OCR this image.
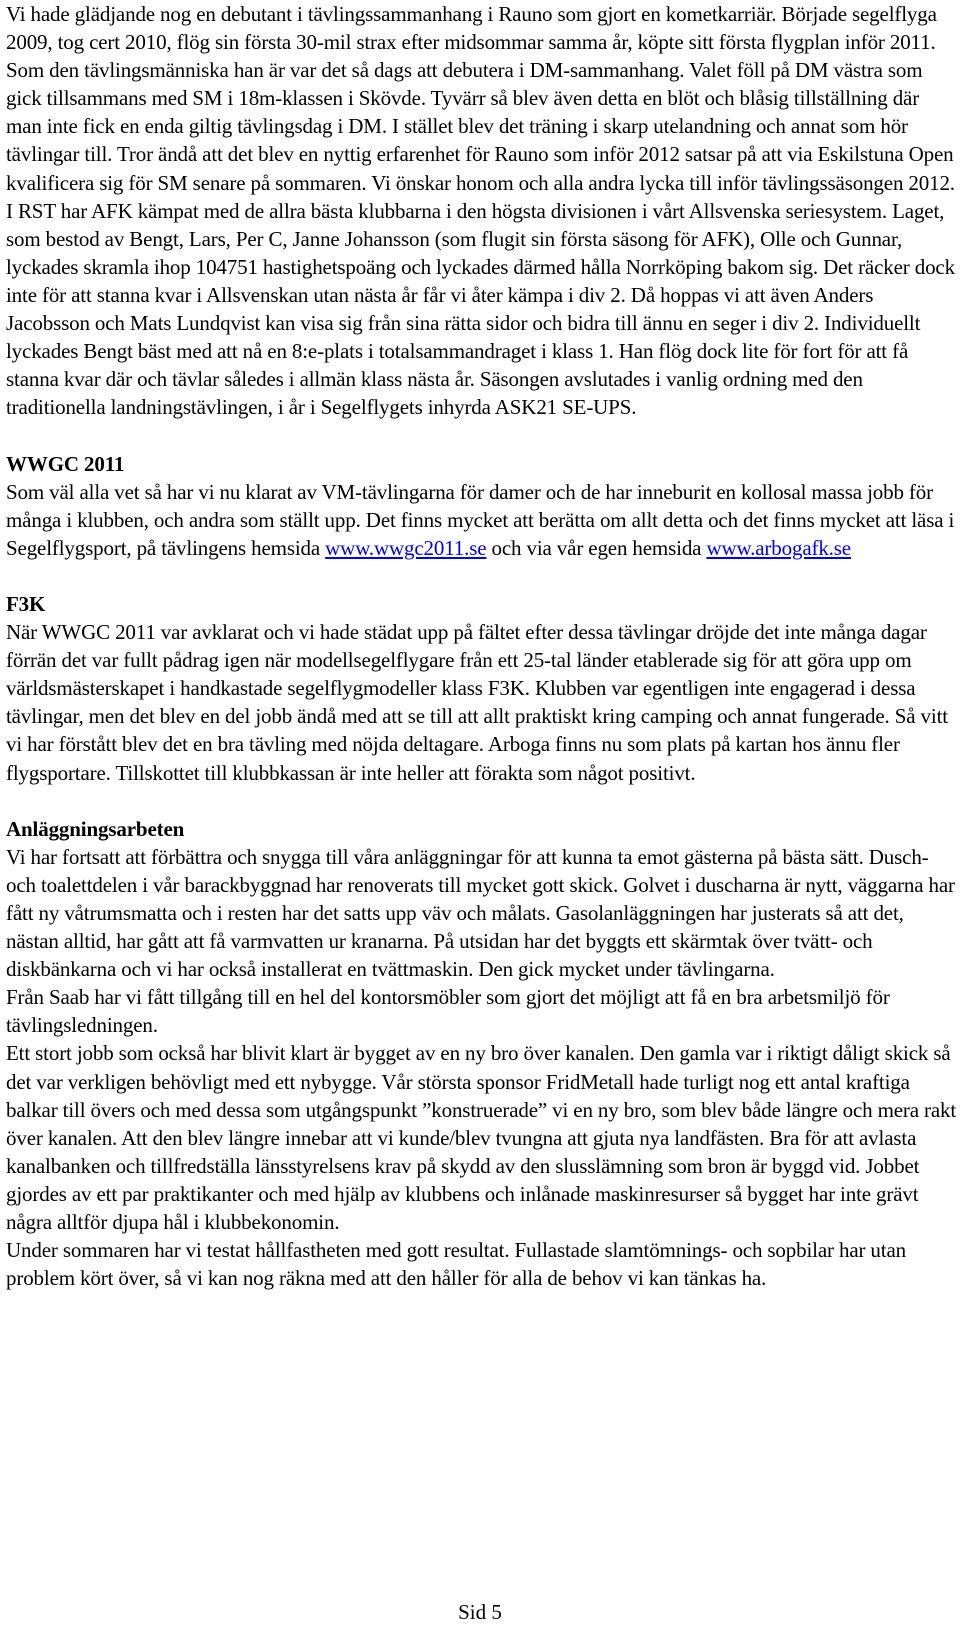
Vi hade glädjande nog en debutant i tävlingssammanhang i Rauno som gjort en kometkarriär. Började segelflyga 2009, tog cert 2010, flög sin första 30-mil strax efter midsommar samma år, köpte sitt första flygplan inför 2011. Som den tävlingsmänniska han är var det så dags att debutera i DM-sammanhang. Valet föll på DM västra som gick tillsammans med SM i 18m-klassen i Skövde. Tyvärr så blev även detta en blöt och blåsig tillställning där man inte fick en enda giltig tävlingsdag i DM. I stället blev det träning i skarp utelandning och annat som hör tävlingar till. Tror ändå att det blev en nyttig erfarenhet för Rauno som inför 2012 satsar på att via Eskilstuna Open kvalificera sig för SM senare på sommaren. Vi önskar honom och alla andra lycka till inför tävlingssäsongen 2012.

I RST har AFK kämpat med de allra bästa klubbarna i den högsta divisionen i vårt Allsvenska seriesystem. Laget, som bestod av Bengt, Lars, Per C, Janne Johansson (som flugit sin första säsong för AFK), Olle och Gunnar, lyckades skramla ihop 104751 hastighetspoäng och lyckades därmed hålla Norrköping bakom sig. Det räcker dock inte för att stanna kvar i Allsvenskan utan nästa år får vi åter kämpa i div 2. Då hoppas vi att även Anders Jacobsson och Mats Lundqvist kan visa sig från sina rätta sidor och bidra till ännu en seger i div 2. Individuellt lyckades Bengt bäst med att nå en 8:e-plats i totalsammandraget i klass 1. Han flög dock lite för fort för att få stanna kvar där och tävlar således i allmän klass nästa år. Säsongen avslutades i vanlig ordning med den traditionella landningstävlingen, i år i Segelflygets inhyrda ASK21 SE-UPS.

WWGC 2011

Som väl alla vet så har vi nu klarat av VM-tävlingarna för damer och de har inneburit en kollosal massa jobb för många i klubben, och andra som ställt upp. Det finns mycket att berätta om allt detta och det finns mycket att läsa i Segelflygsport, på tävlingens hemsida www.wwgc2011.se och via vår egen hemsida www.arbogafk.se

F3K

När WWGC 2011 var avklarat och vi hade städat upp på fältet efter dessa tävlingar dröjde det inte många dagar förrän det var fullt pådrag igen när modellsegelflygare från ett 25-tal länder etablerade sig för att göra upp om världsmästerskapet i handkastade segelflygmodeller klass F3K. Klubben var egentligen inte engagerad i dessa tävlingar, men det blev en del jobb ändå med att se till att allt praktiskt kring camping och annat fungerade. Så vitt vi har förstått blev det en bra tävling med nöjda deltagare. Arboga finns nu som plats på kartan hos ännu fler flygsportare. Tillskottet till klubbkassan är inte heller att förakta som något positivt.

Anläggningsarbeten

Vi har fortsatt att förbättra och snygga till våra anläggningar för att kunna ta emot gästerna på bästa sätt. Dusch- och toalettdelen i vår barackbyggnad har renoverats till mycket gott skick. Golvet i duscharna är nytt, väggarna har fått ny våtrumsmatta och i resten har det satts upp väv och målats. Gasolanläggningen har justerats så att det, nästan alltid, har gått att få varmvatten ur kranarna. På utsidan har det byggts ett skärmtak över tvätt- och diskbänkarna och vi har också installerat en tvättmaskin. Den gick mycket under tävlingarna.

Från Saab har vi fått tillgång till en hel del kontorsmöbler som gjort det möjligt att få en bra arbetsmiljö för tävlingsledningen.

Ett stort jobb som också har blivit klart är bygget av en ny bro över kanalen. Den gamla var i riktigt dåligt skick så det var verkligen behövligt med ett nybygge. Vår största sponsor FridMetall hade turligt nog ett antal kraftiga balkar till övers och med dessa som utgångspunkt ”konstruerade” vi en ny bro, som blev både längre och mera rakt över kanalen. Att den blev längre innebar att vi kunde/blev tvungna att gjuta nya landfästen. Bra för att avlasta kanalbanken och tillfredställa länsstyrelsens krav på skydd av den slusslämning som bron är byggd vid. Jobbet gjordes av ett par praktikanter och med hjälp av klubbens och inlånade maskinresurser så bygget har inte grävt några alltför djupa hål i klubbekonomin.

Under sommaren har vi testat hållfastheten med gott resultat. Fullastade slamtömnings- och sopbilar har utan problem kört över, så vi kan nog räkna med att den håller för alla de behov vi kan tänkas ha.

Sid 5
